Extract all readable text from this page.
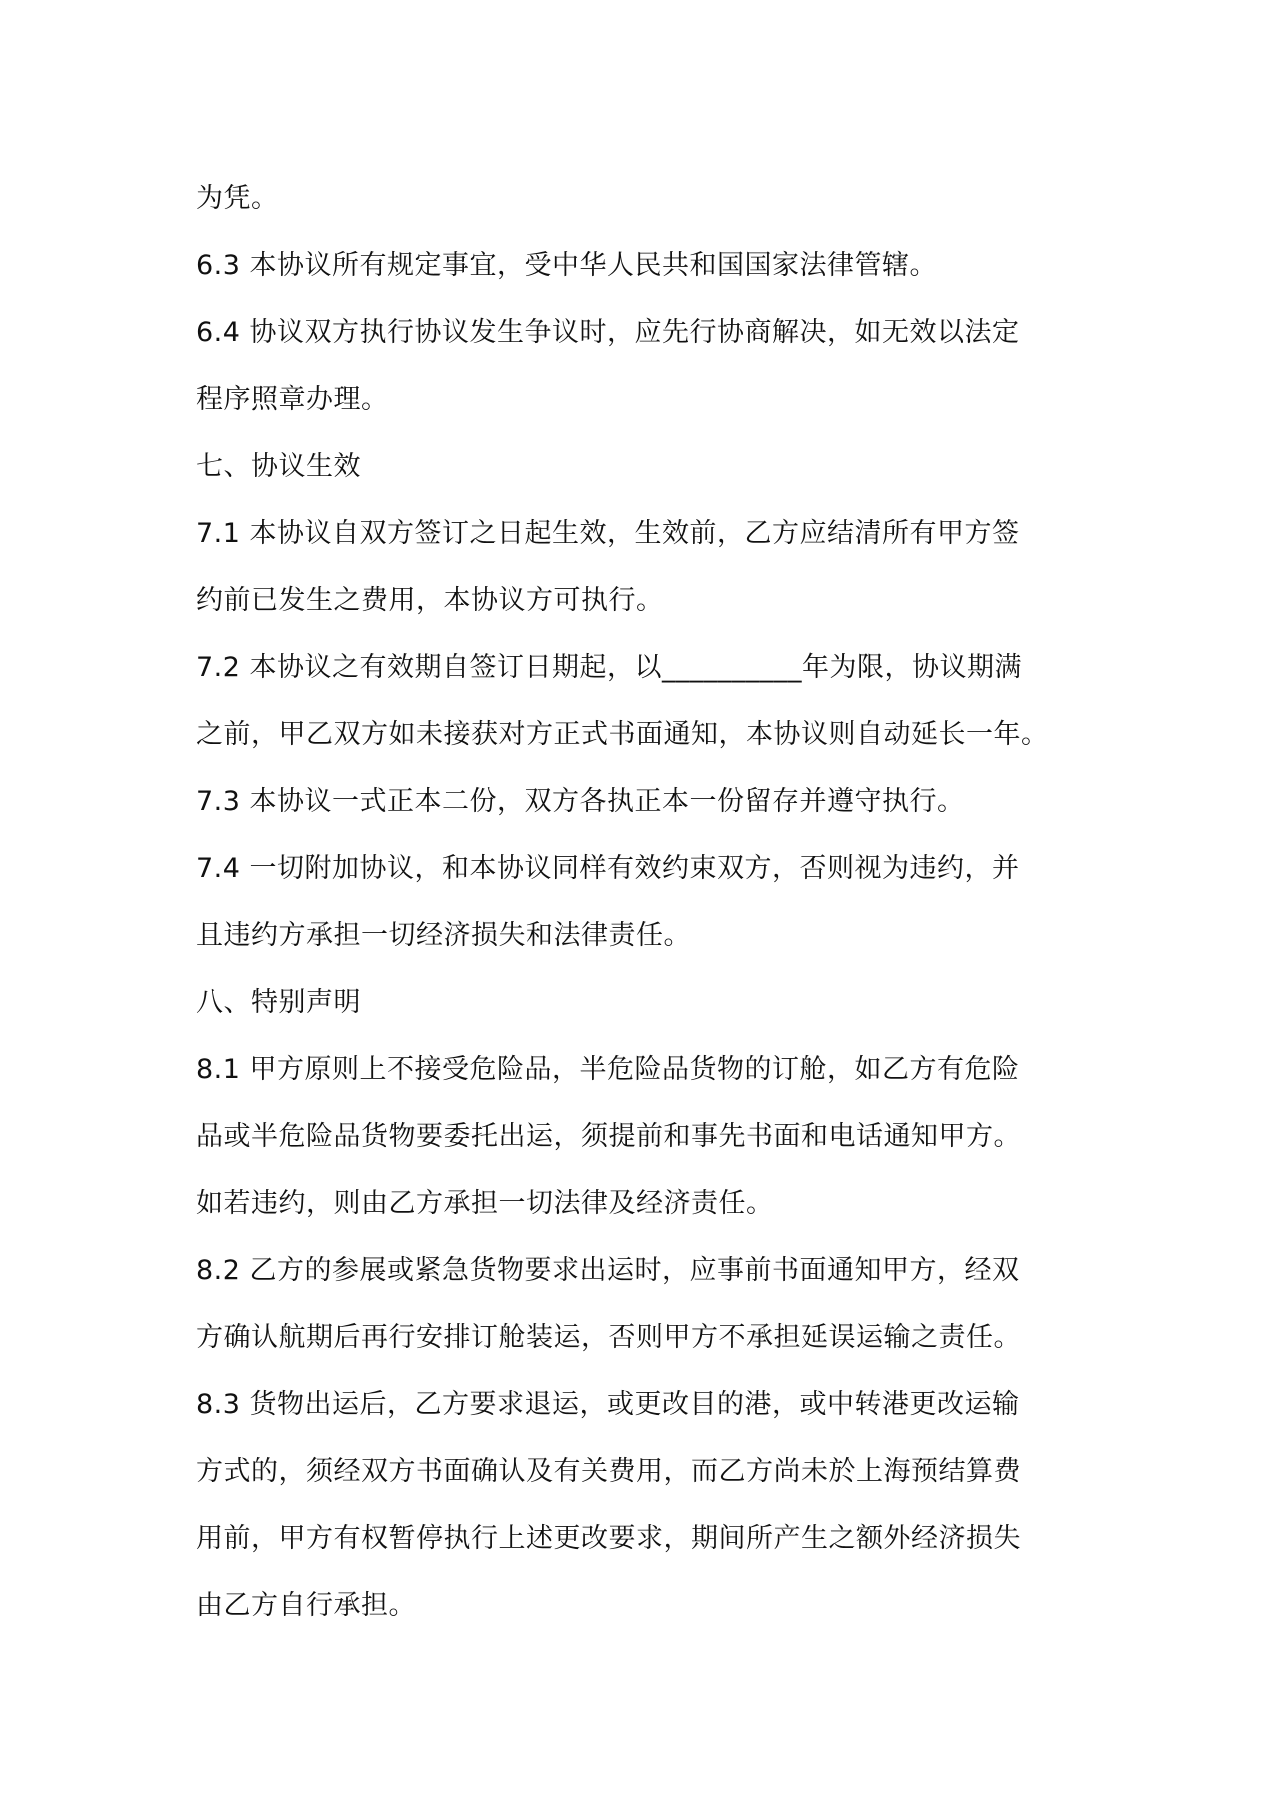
为凭。
6.3 本协议所有规定事宜，受中华人民共和国国家法律管辖。
6.4 协议双方执行协议发生争议时，应先行协商解决，如无效以法定
程序照章办理。
七、协议生效
7.1 本协议自双方签订之日起生效，生效前，乙方应结清所有甲方签
约前已发生之费用，本协议方可执行。
7.2 本协议之有效期自签订日期起，以__________年为限，协议期满
之前，甲乙双方如未接获对方正式书面通知，本协议则自动延长一年。
7.3 本协议一式正本二份，双方各执正本一份留存并遵守执行。
7.4 一切附加协议，和本协议同样有效约束双方，否则视为违约，并
且违约方承担一切经济损失和法律责任。
八、特别声明
8.1 甲方原则上不接受危险品，半危险品货物的订舱，如乙方有危险
品或半危险品货物要委托出运，须提前和事先书面和电话通知甲方。
如若违约，则由乙方承担一切法律及经济责任。
8.2 乙方的参展或紧急货物要求出运时，应事前书面通知甲方，经双
方确认航期后再行安排订舱装运，否则甲方不承担延误运输之责任。
8.3 货物出运后，乙方要求退运，或更改目的港，或中转港更改运输
方式的，须经双方书面确认及有关费用，而乙方尚未於上海预结算费
用前，甲方有权暂停执行上述更改要求，期间所产生之额外经济损失
由乙方自行承担。
